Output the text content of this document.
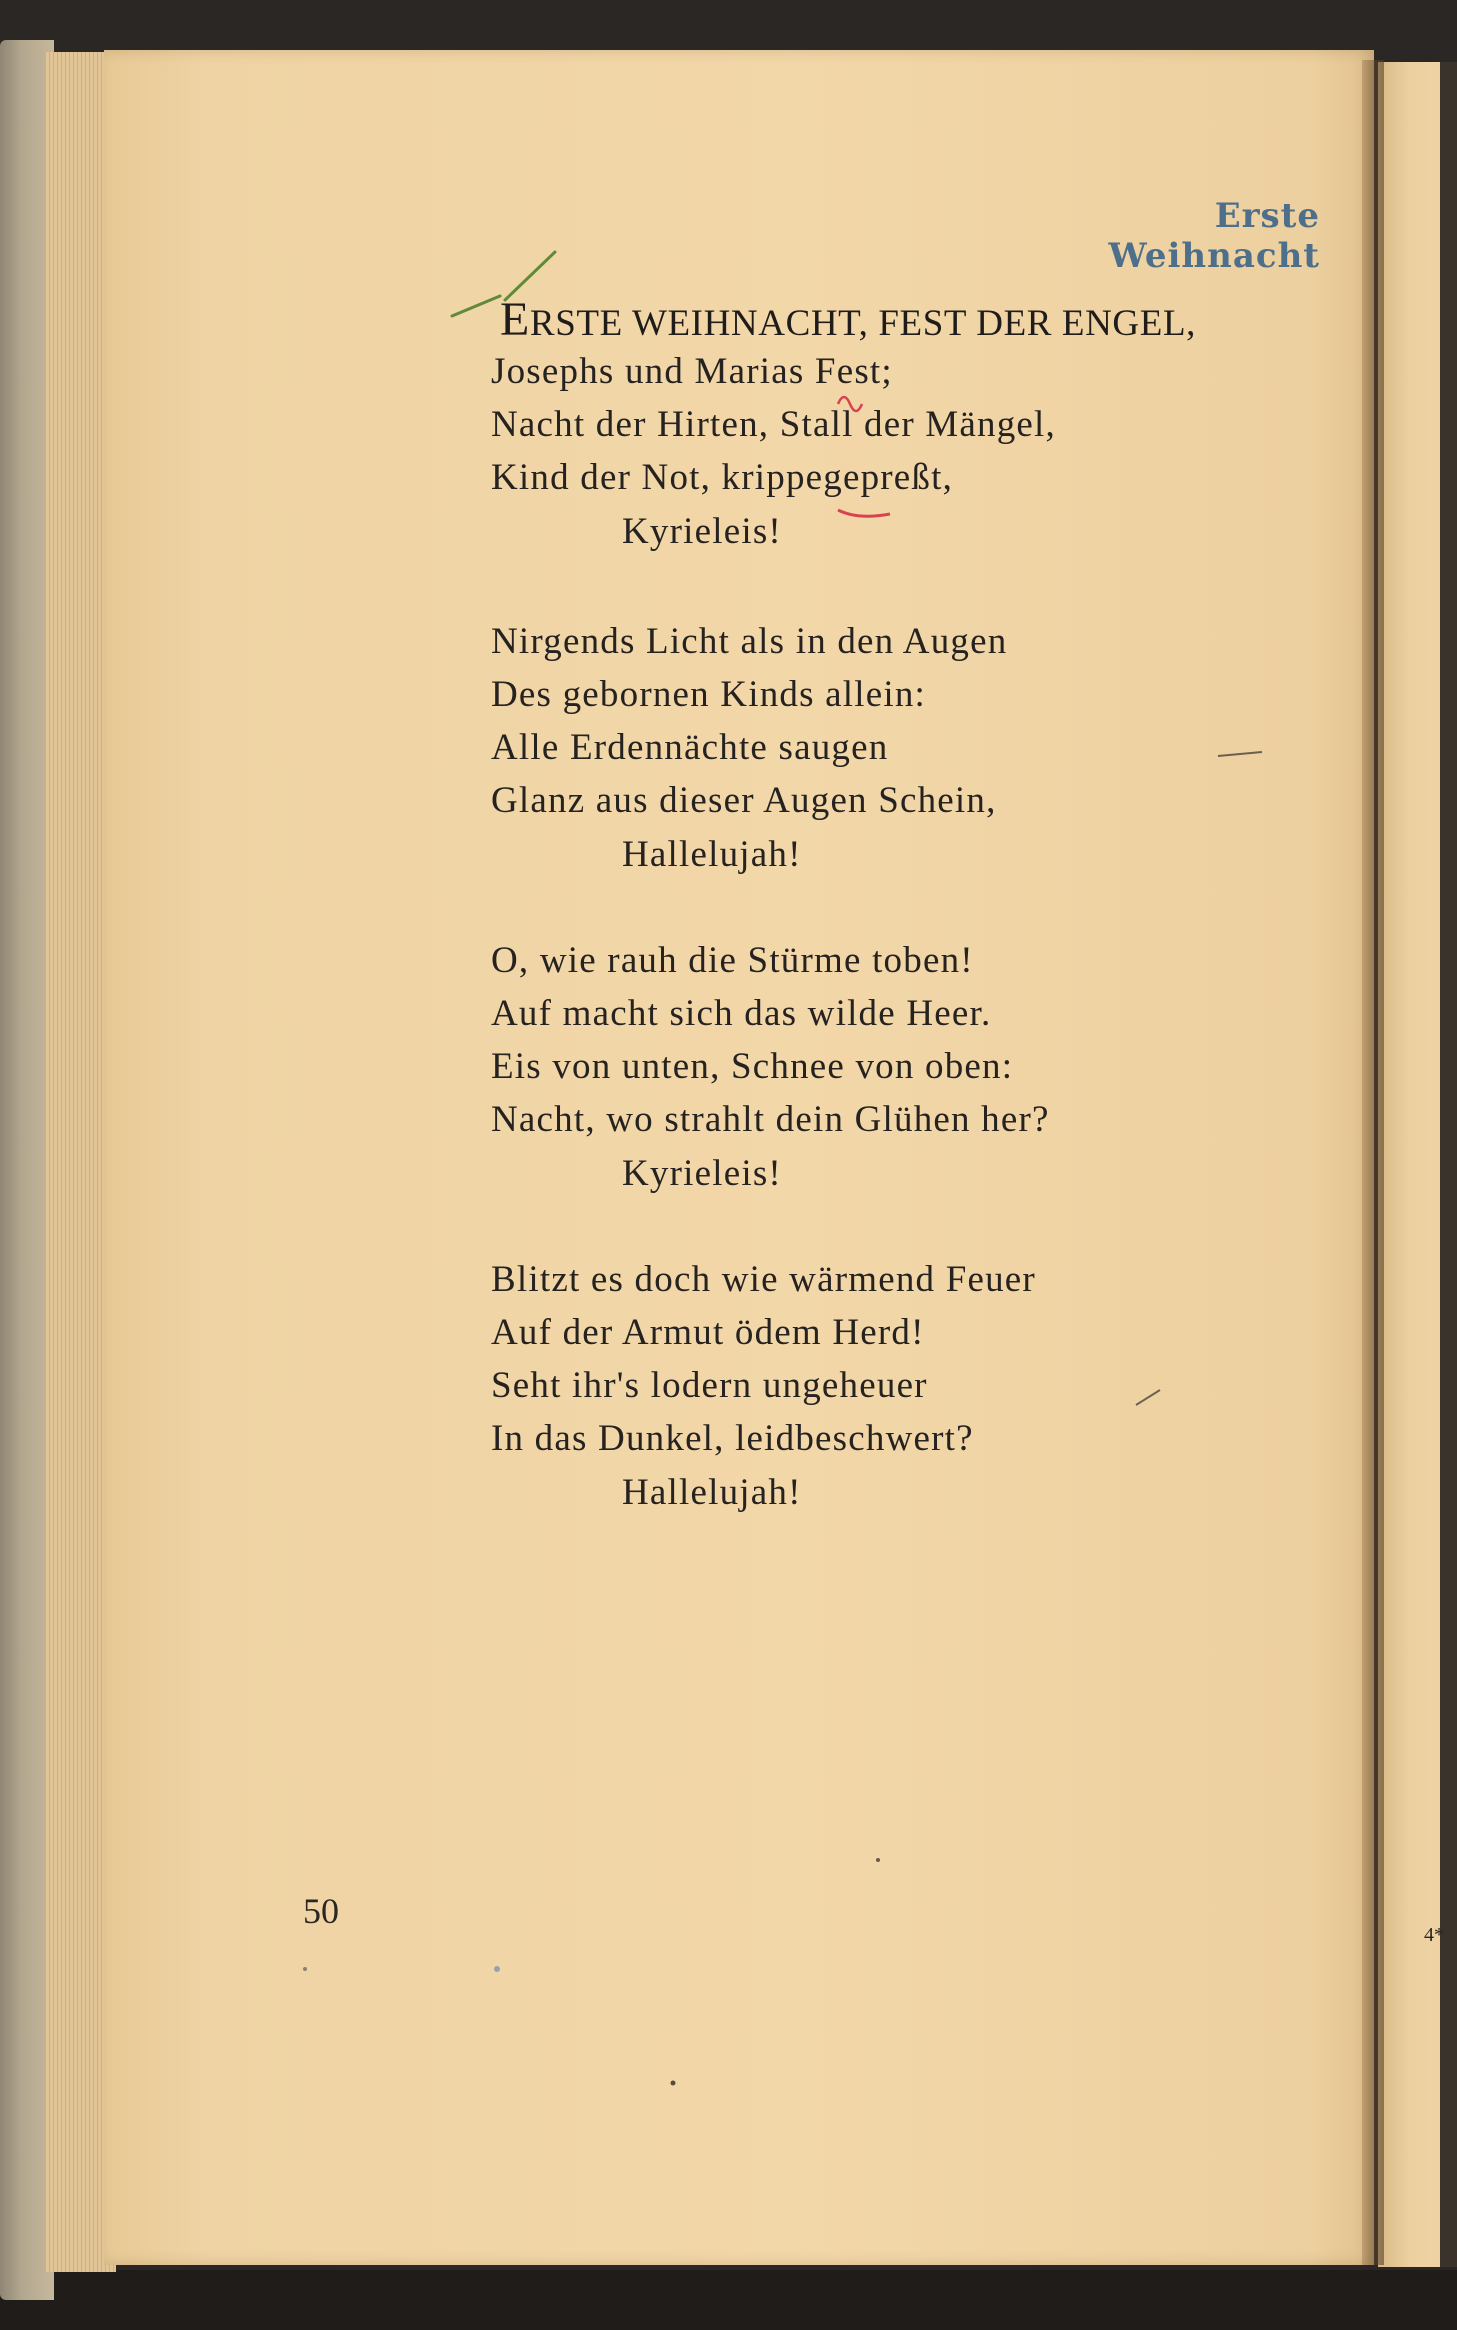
Erste Weihnacht
ERSTE WEIHNACHT, FEST DER ENGEL,
Josephs und Marias Fest;
Nacht der Hirten, Stall der Mängel,
Kind der Not, krippegepreßt,
Kyrieleis!
Nirgends Licht als in den Augen
Des gebornen Kinds allein:
Alle Erdennächte saugen
Glanz aus dieser Augen Schein,
Hallelujah!
O, wie rauh die Stürme toben!
Auf macht sich das wilde Heer.
Eis von unten, Schnee von oben:
Nacht, wo strahlt dein Glühen her?
Kyrieleis!
Blitzt es doch wie wärmend Feuer
Auf der Armut ödem Herd!
Seht ihr's lodern ungeheuer
In das Dunkel, leidbeschwert?
Hallelujah!
50
4*
